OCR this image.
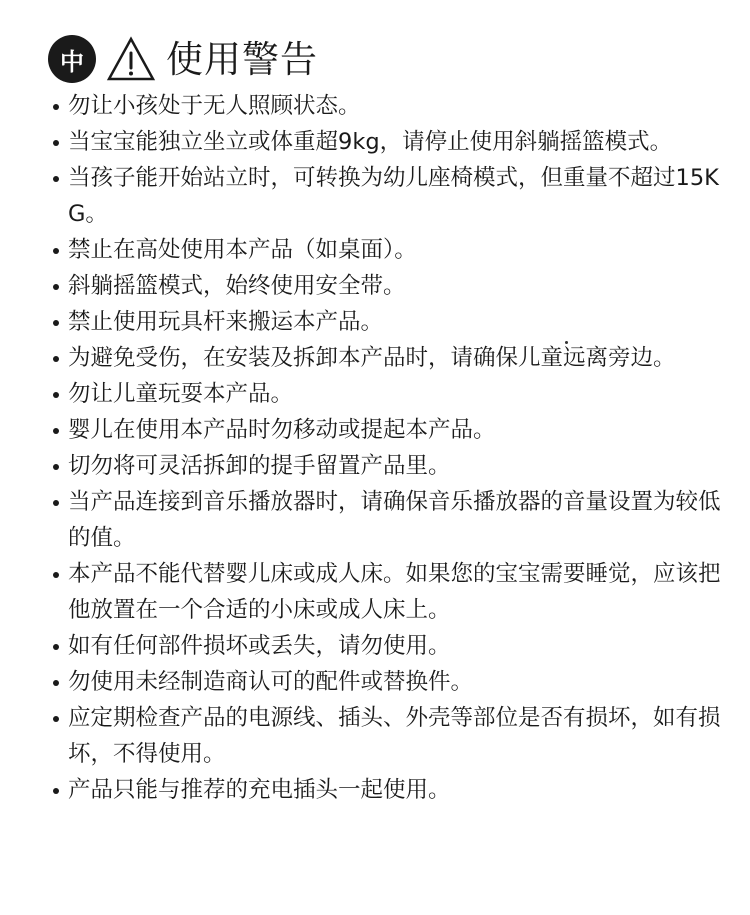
中	使用警告
勿让小孩处于无人照顾状态。
当宝宝能独立坐立或体重超9kg，请停止使用斜躺摇篮模式。
当孩子能开始站立时，可转换为幼儿座椅模式，但重量不超过15KG。
禁止在高处使用本产品（如桌面）。
斜躺摇篮模式，始终使用安全带。
禁止使用玩具杆来搬运本产品。
为避免受伤，在安装及拆卸本产品时，请确保儿童远离旁边。
勿让儿童玩耍本产品。
婴儿在使用本产品时勿移动或提起本产品。
切勿将可灵活拆卸的提手留置产品里。
当产品连接到音乐播放器时，请确保音乐播放器的音量设置为较低的值。
本产品不能代替婴儿床或成人床。如果您的宝宝需要睡觉，应该把他放置在一个合适的小床或成人床上。
如有任何部件损坏或丢失，请勿使用。
勿使用未经制造商认可的配件或替换件。
应定期检查产品的电源线、插头、外壳等部位是否有损坏，如有损坏，不得使用。
产品只能与推荐的充电插头一起使用。
